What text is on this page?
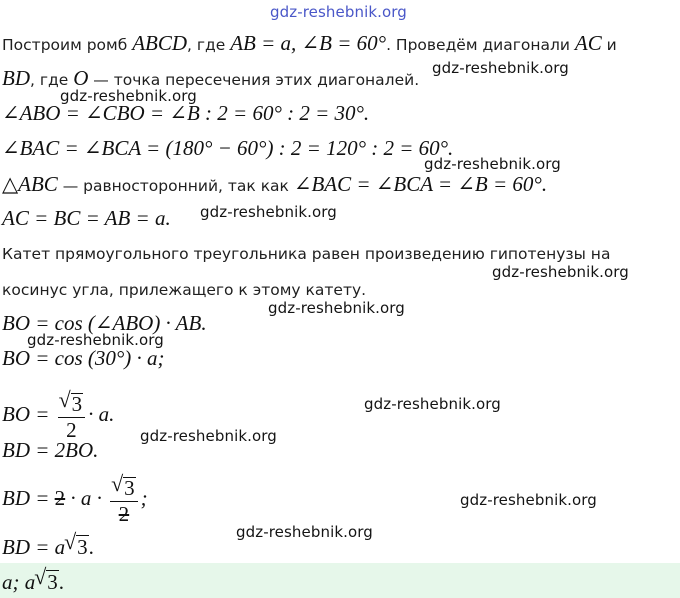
gdz-reshebnik.org
gdz-reshebnik.org
gdz-reshebnik.org
gdz-reshebnik.org
gdz-reshebnik.org
gdz-reshebnik.org
gdz-reshebnik.org
gdz-reshebnik.org
gdz-reshebnik.org
gdz-reshebnik.org
gdz-reshebnik.org
gdz-reshebnik.org
Построим ромб ABCD, где AB = a, ∠B = 60°. Проведём диагонали AC и
BD, где O — точка пересечения этих диагоналей.
∠ABO = ∠CBO = ∠B : 2 = 60° : 2 = 30°.
∠BAC = ∠BCA = (180° − 60°) : 2 = 120° : 2 = 60°.
△ABC — равносторонний, так как ∠BAC = ∠BCA = ∠B = 60°.
AC = BC = AB = a.
Катет прямоугольного треугольника равен произведению гипотенузы на
косинус угла, прилежащего к этому катету.
BO = cos (∠ABO) · AB.
BO = cos (30°) · a;
BO = $\frac{√ 3}{2} \cdot a$.
BD = 2BO.
BD = $2 \cdot a \cdot \frac{√ 3}{2}$ ;
BD = a √ 3.
a; a √ 3.
